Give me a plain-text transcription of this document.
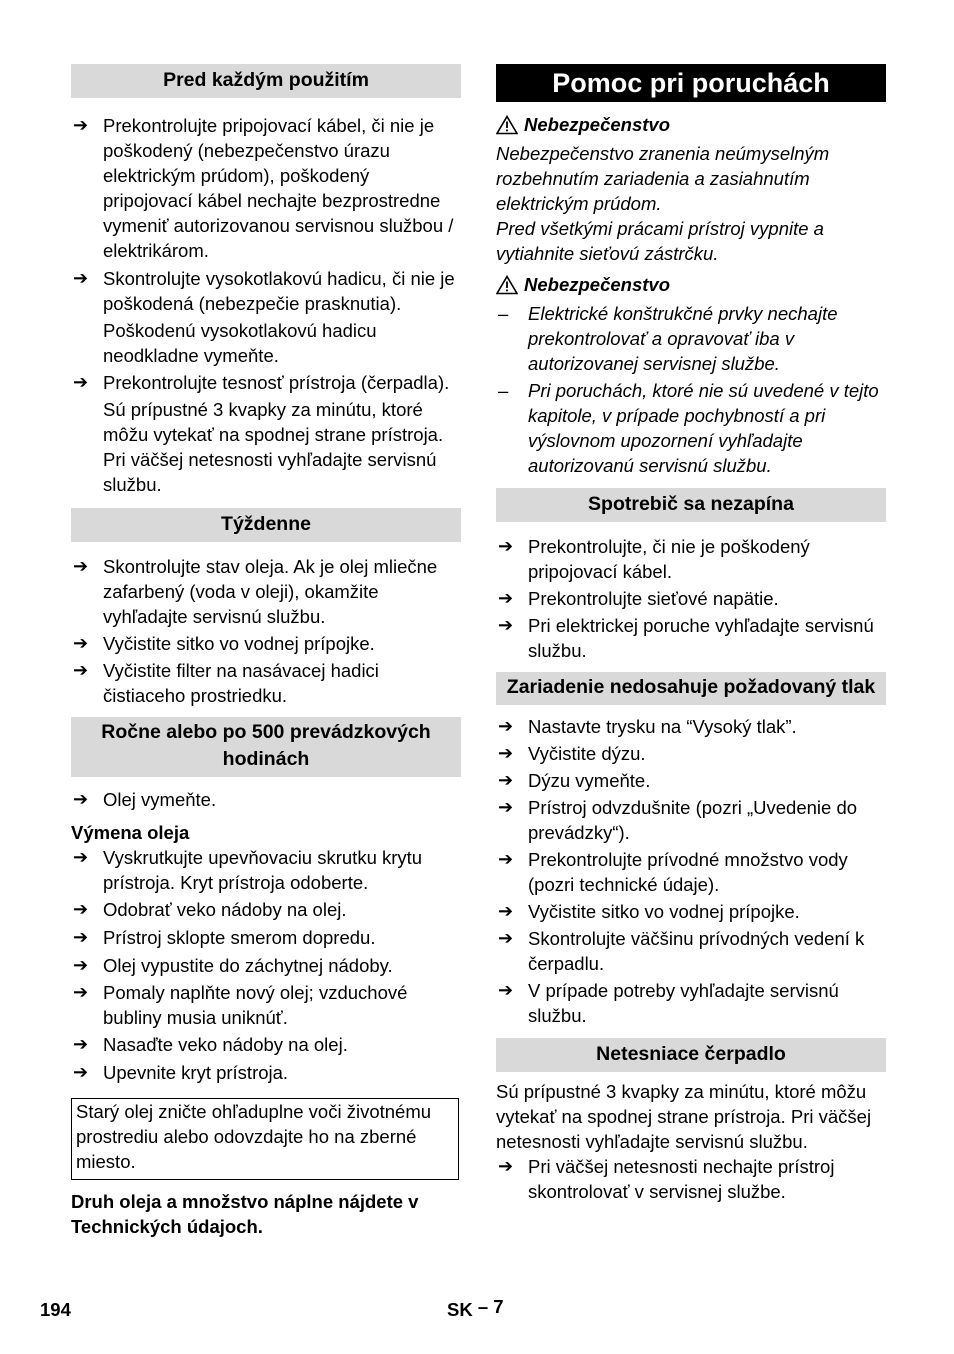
Pred každým použitím
➔ Prekontrolujte pripojovací kábel, či nie je poškodený (nebezpečenstvo úrazu elektrickým prúdom), poškodený pripojovací kábel nechajte bezprostredne vymeniť autorizovanou servisnou službou / elektrikárom.
➔ Skontrolujte vysokotlakovú hadicu, či nie je poškodená (nebezpečie prasknutia).
Poškodenú vysokotlakovú hadicu neodkladne vymeňte.
➔ Prekontrolujte tesnosť prístroja (čerpadla).
Sú prípustné 3 kvapky za minútu, ktoré môžu vytekať na spodnej strane prístroja. Pri väčšej netesnosti vyhľadajte servisnú službu.
Týždenne
➔ Skontrolujte stav oleja. Ak je olej mliečne zafarbený (voda v oleji), okamžite vyhľadajte servisnú službu.
➔ Vyčistite sitko vo vodnej prípojke.
➔ Vyčistite filter na nasávacej hadici čistiaceho prostriedku.
Ročne alebo po 500 prevádzkových hodinách
➔ Olej vymeňte.
Výmena oleja
➔ Vyskrutkujte upevňovaciu skrutku krytu prístroja. Kryt prístroja odoberte.
➔ Odobrať veko nádoby na olej.
➔ Prístroj sklopte smerom dopredu.
➔ Olej vypustite do záchytnej nádoby.
➔ Pomaly naplňte nový olej; vzduchové bubliny musia uniknúť.
➔ Nasaďte veko nádoby na olej.
➔ Upevnite kryt prístroja.
Starý olej zničte ohľaduplne voči životnému prostrediu alebo odovzdajte ho na zberné miesto.
Druh oleja a množstvo náplne nájdete v Technických údajoch.
Pomoc pri poruchách
Nebezpečenstvo
Nebezpečenstvo zranenia neúmyselným rozbehnutím zariadenia a zasiahnutím elektrickým prúdom.
Pred všetkými prácami prístroj vypnite a vytiahnite sieťovú zástrčku.
Nebezpečenstvo
– Elektrické konštrukčné prvky nechajte prekontrolovať a opravovať iba v autorizovanej servisnej službe.
– Pri poruchách, ktoré nie sú uvedené v tejto kapitole, v prípade pochybností a pri výslovnom upozornení vyhľadajte autorizovanú servisnú službu.
Spotrebič sa nezapína
➔ Prekontrolujte, či nie je poškodený pripojovací kábel.
➔ Prekontrolujte sieťové napätie.
➔ Pri elektrickej poruche vyhľadajte servisnú službu.
Zariadenie nedosahuje požadovaný tlak
➔ Nastavte trysku na “Vysoký tlak”.
➔ Vyčistite dýzu.
➔ Dýzu vymeňte.
➔ Prístroj odvzdušnite (pozri „Uvedenie do prevádzky“).
➔ Prekontrolujte prívodné množstvo vody (pozri technické údaje).
➔ Vyčistite sitko vo vodnej prípojke.
➔ Skontrolujte väčšinu prívodných vedení k čerpadlu.
➔ V prípade potreby vyhľadajte servisnú službu.
Netesniace čerpadlo
Sú prípustné 3 kvapky za minútu, ktoré môžu vytekať na spodnej strane prístroja. Pri väčšej netesnosti vyhľadajte servisnú službu.
➔ Pri väčšej netesnosti nechajte prístroj skontrolovať v servisnej službe.
194	SK – 7
